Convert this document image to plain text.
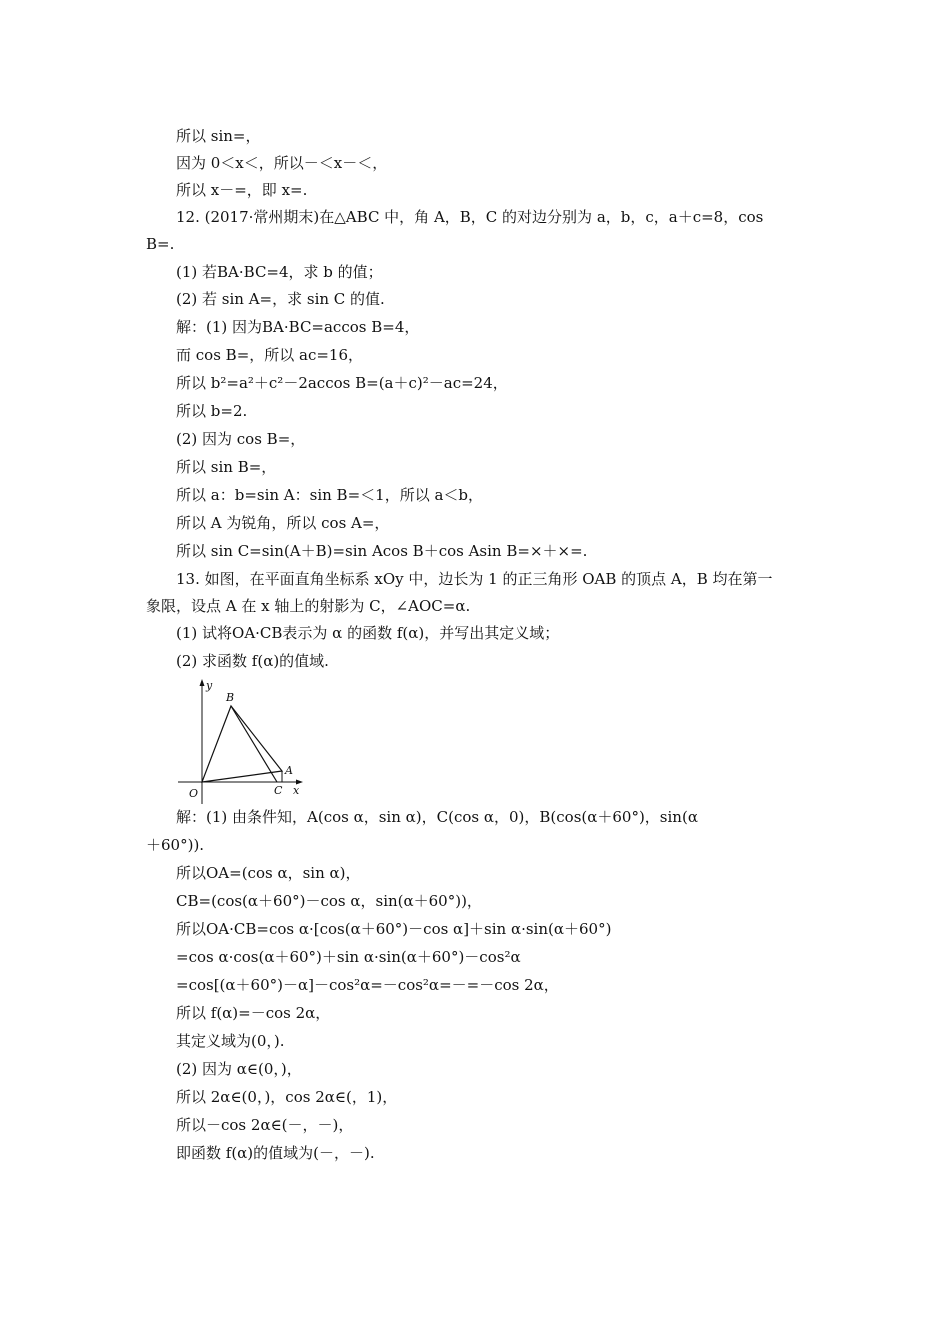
所以 sin=，
因为 0＜x＜，所以－＜x－＜，
所以 x－=，即 x=.
12. (2017·常州期末)在△ABC 中，角 A，B，C 的对边分别为 a，b，c，a＋c=8，cos
B=.
(1) 若BA·BC=4，求 b 的值；
(2) 若 sin A=，求 sin C 的值.
解：(1) 因为BA·BC=accos B=4，
而 cos B=，所以 ac=16，
所以 b²=a²＋c²－2accos B=(a＋c)²－ac=24，
所以 b=2.
(2) 因为 cos B=，
所以 sin B=，
所以 a：b=sin A：sin B=＜1，所以 a＜b，
所以 A 为锐角，所以 cos A=，
所以 sin C=sin(A＋B)=sin Acos B＋cos Asin B=×＋×=.
13. 如图，在平面直角坐标系 xOy 中，边长为 1 的正三角形 OAB 的顶点 A，B 均在第一
象限，设点 A 在 x 轴上的射影为 C，∠AOC=α.
(1) 试将OA·CB表示为 α 的函数 f(α)，并写出其定义域；
(2) 求函数 f(α)的值域.
y
x
O
A
B
C
解：(1) 由条件知，A(cos α，sin α)，C(cos α，0)，B(cos(α＋60°)，sin(α
＋60°)).
所以OA=(cos α，sin α)，
CB=(cos(α＋60°)－cos α，sin(α＋60°))，
所以OA·CB=cos α·[cos(α＋60°)－cos α]＋sin α·sin(α＋60°)
=cos α·cos(α＋60°)＋sin α·sin(α＋60°)－cos²α
=cos[(α＋60°)－α]－cos²α=－cos²α=－=－cos 2α，
所以 f(α)=－cos 2α，
其定义域为(0，).
(2) 因为 α∈(0，)，
所以 2α∈(0，)，cos 2α∈(，1)，
所以－cos 2α∈(－，－)，
即函数 f(α)的值域为(－，－).
